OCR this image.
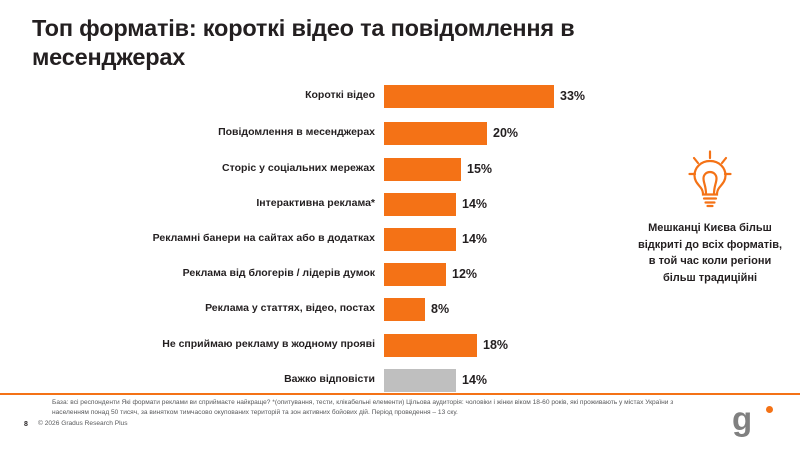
Топ форматів: короткі відео та повідомлення в месенджерах
Короткі відео	33%
Повідомлення в месенджерах	20%
Сторіс у соціальних мережах	15%
Інтерактивна реклама*	14%
Рекламні банери на сайтах або в додатках	14%
Реклама від блогерів / лідерів думок	12%
Реклама у статтях, відео, постах	8%
Не сприймаю рекламу в жодному прояві	18%
Важко відповісти	14%
Мешканці Києва більш відкриті до всіх форматів, в той час коли регіони більш традиційні
База: всі респонденти Які формати реклами ви сприймаєте найкраще? *(опитування, тести, клікабельні елементи) Цільова аудиторія: чоловіки і жінки віком 18-60 років, які проживають у містах України з населенням понад 50 тисяч, за винятком тимчасово окупованих територій та зон активних бойових дій. Період проведення – 13 ску.
8 © 2026 Gradus Research Plus	g
